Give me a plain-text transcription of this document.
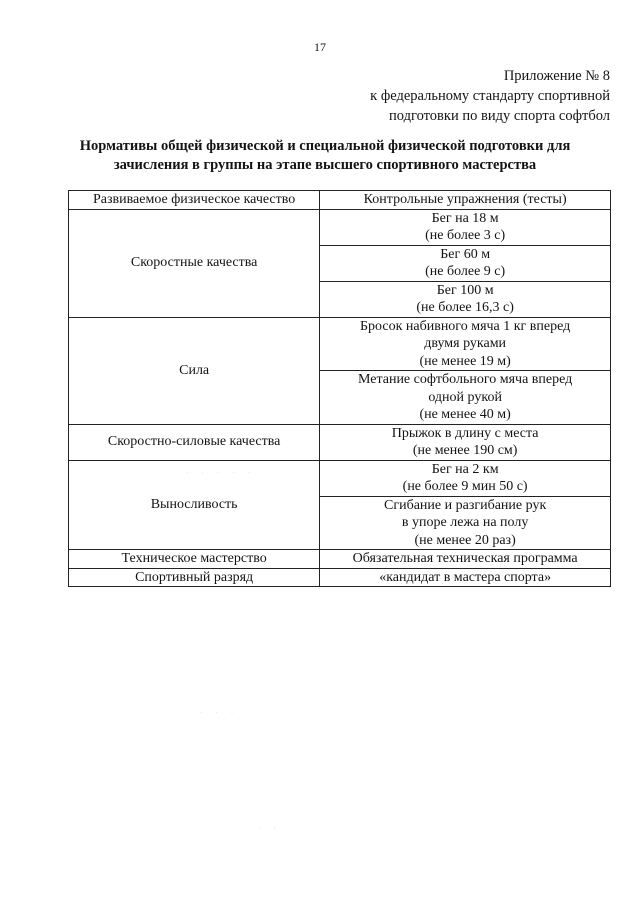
17
Приложение № 8
к федеральному стандарту спортивной
подготовки по виду спорта софтбол
Нормативы общей физической и специальной физической подготовки для
зачисления в группы на этапе высшего спортивного мастерства
Развиваемое физическое качество	Контрольные упражнения (тесты)
Скоростные качества	Бег на 18 м
(не более 3 с)

	Бег 60 м
(не более 9 с)

	Бег 100 м
(не более 16,3 с)

Сила	Бросок набивного мяча 1 кг вперед
двумя руками
(не менее 19 м)

	Метание софтбольного мяча вперед
одной рукой
(не менее 40 м)

Скоростно-силовые качества	Прыжок в длину с места
(не менее 190 см)

Выносливость	Бег на 2 км
(не более 9 мин 50 с)

	Сгибание и разгибание рук
в упоре лежа на полу
(не менее 20 раз)

Техническое мастерство	Обязательная техническая программа

Спортивный разряд	«кандидат в мастера спорта»
· · · · ·
· · ·
· ·
